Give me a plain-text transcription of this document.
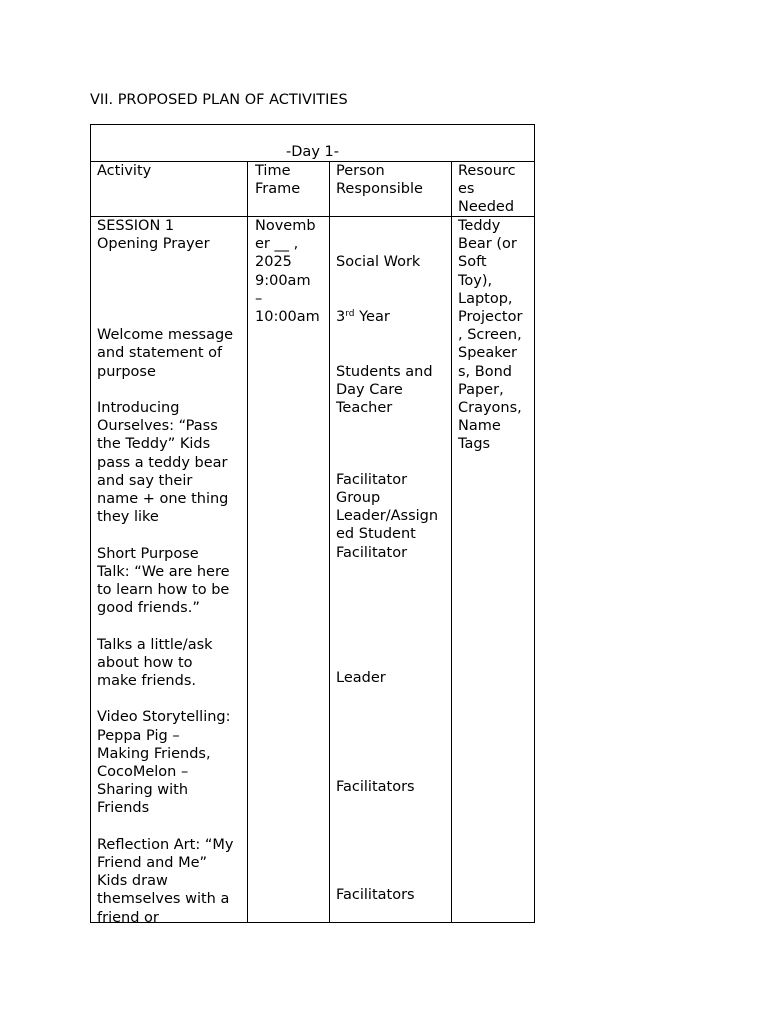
VII. PROPOSED PLAN OF ACTIVITIES
-Day 1-
Activity	Time
Frame
Person
Responsible
Resourc
es
Needed
SESSION 1
Opening Prayer
Welcome message
and statement of
purpose
Introducing
Ourselves: “Pass
the Teddy” Kids
pass a teddy bear
and say their
name + one thing
they like
Short Purpose
Talk: “We are here
to learn how to be
good friends.”
Talks a little/ask
about how to
make friends.
Video Storytelling:
Peppa Pig –
Making Friends,
CocoMelon –
Sharing with
Friends
Reflection Art: “My
Friend and Me”
Kids draw
themselves with a
friend or
Novemb
er __ ,
2025
9:00am
–
10:00am

Social Work

3rd Year

Students and
Day Care
Teacher

Group
Leader/Assign
ed Student
Facilitator
Facilitator
Leader
Facilitators
Facilitators
Teddy
Bear (or
Soft
Toy),
Laptop,
Projector
, Screen,
Speaker
s, Bond
Paper,
Crayons,
Name
Tags
